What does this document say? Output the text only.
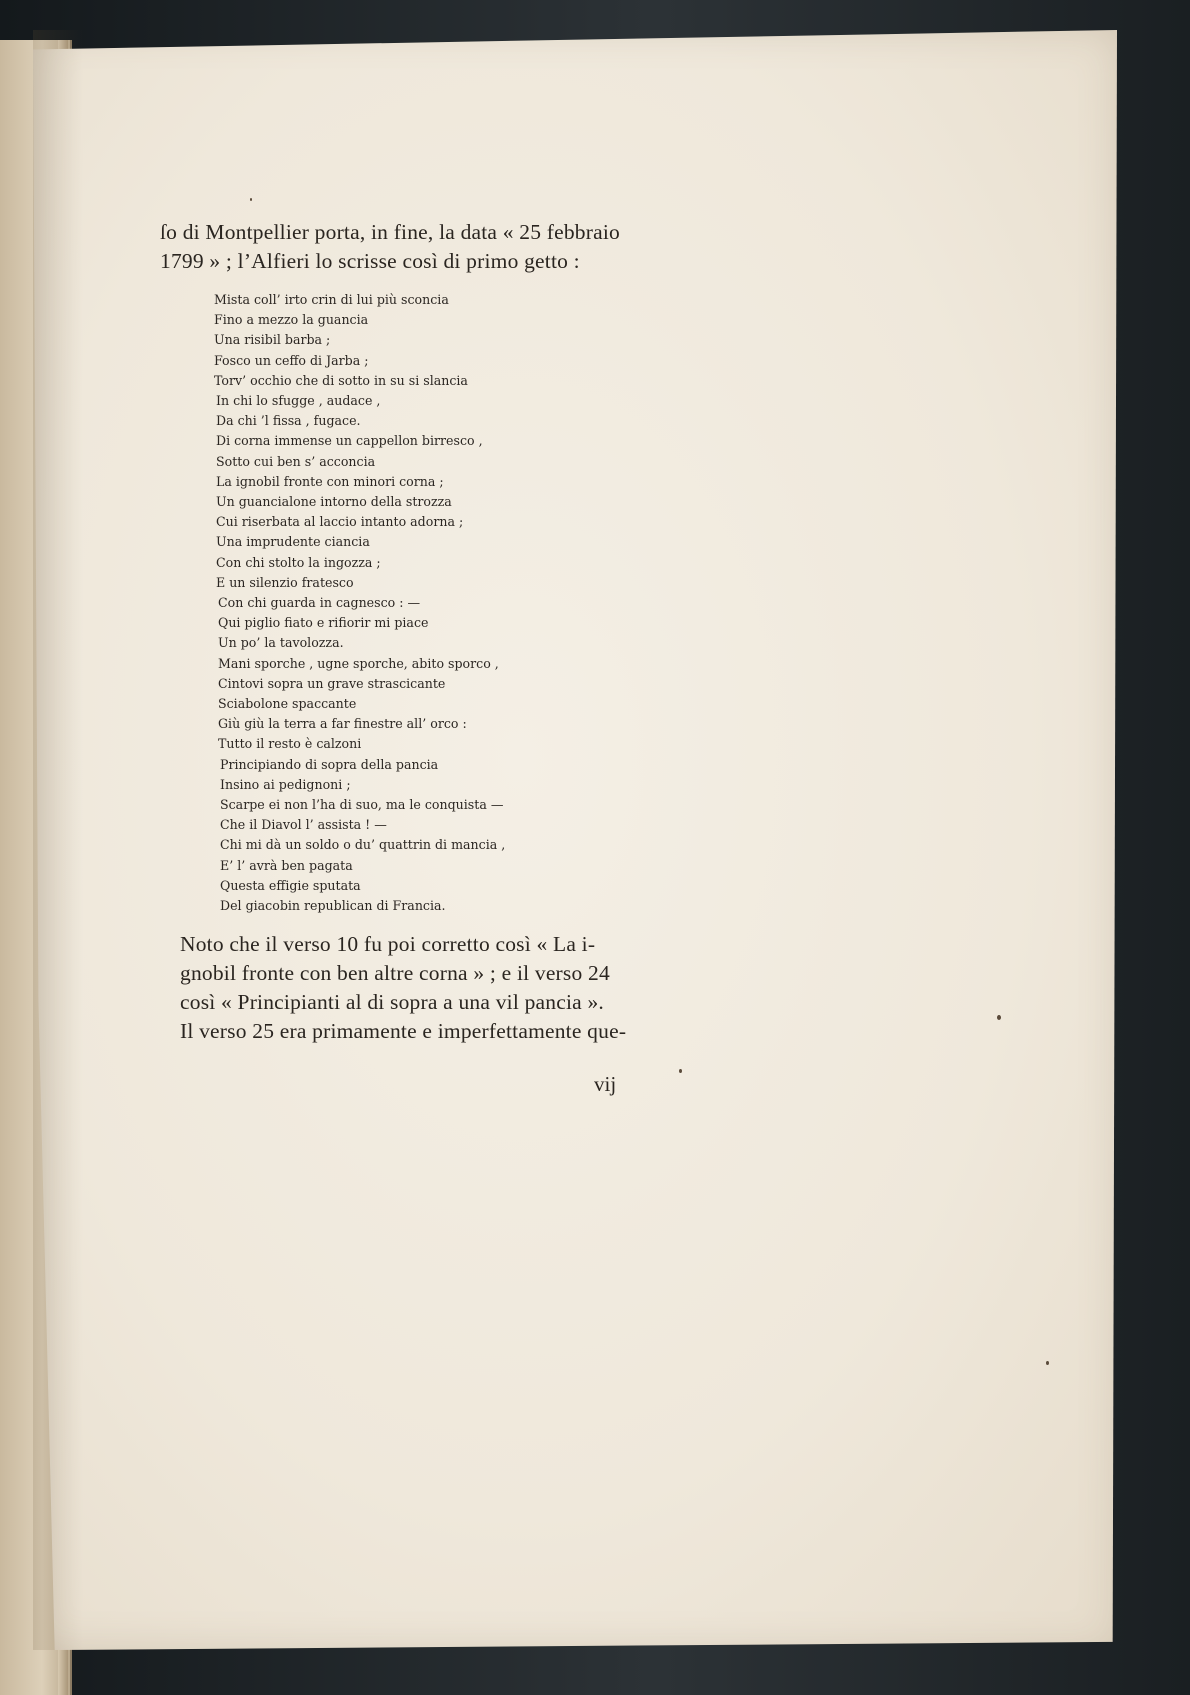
ſo di Montpellier porta, in fine, la data « 25 febbraio
1799 » ; l’Alfieri lo scrisse così di primo getto :

Mista coll’ irto crin di lui più sconcia
Fino a mezzo la guancia
Una risibil barba ;
Fosco un ceffo di Jarba ;
Torv’ occhio che di sotto in su si slancia
In chi lo sfugge , audace ,
Da chi ’l fissa , fugace.
Di corna immense un cappellon birresco ,
Sotto cui ben s’ acconcia
La ignobil fronte con minori corna ;
Un guancialone intorno della strozza
Cui riserbata al laccio intanto adorna ;
Una imprudente ciancia
Con chi stolto la ingozza ;
E un silenzio fratesco
Con chi guarda in cagnesco : —
Qui piglio fiato e rifiorir mi piace
Un po’ la tavolozza.
Mani sporche , ugne sporche, abito sporco ,
Cintovi sopra un grave strascicante
Sciabolone spaccante
Giù giù la terra a far finestre all’ orco :
Tutto il resto è calzoni
Principiando di sopra della pancia
Insino ai pedignoni ;
Scarpe ei non l’ha di suo, ma le conquista —
Che il Diavol l’ assista ! —
Chi mi dà un soldo o du’ quattrin di mancia ,
E’ l’ avrà ben pagata
Questa effigie sputata
Del giacobin republican di Francia.

Noto che il verso 10 fu poi corretto così « La i-
gnobil fronte con ben altre corna » ; e il verso 24
così « Principianti al di sopra a una vil pancia ».
Il verso 25 era primamente e imperfettamente que-

vij
